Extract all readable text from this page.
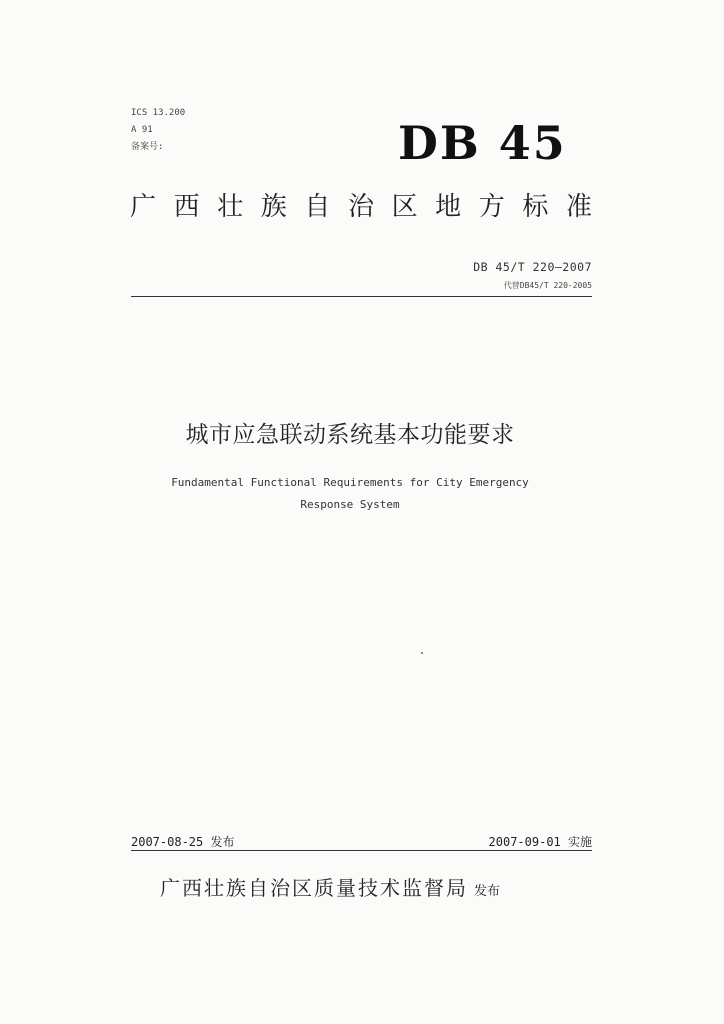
ICS 13.200
A 91
备案号:	DB 45
广 西 壮 族 自 治 区 地 方 标 准
DB 45/T 220—2007
代替DB45/T 220-2005
城市应急联动系统基本功能要求
Fundamental Functional Requirements for City Emergency
Response System
2007-08-25 发布	2007-09-01 实施
广西壮族自治区质量技术监督局 发布
